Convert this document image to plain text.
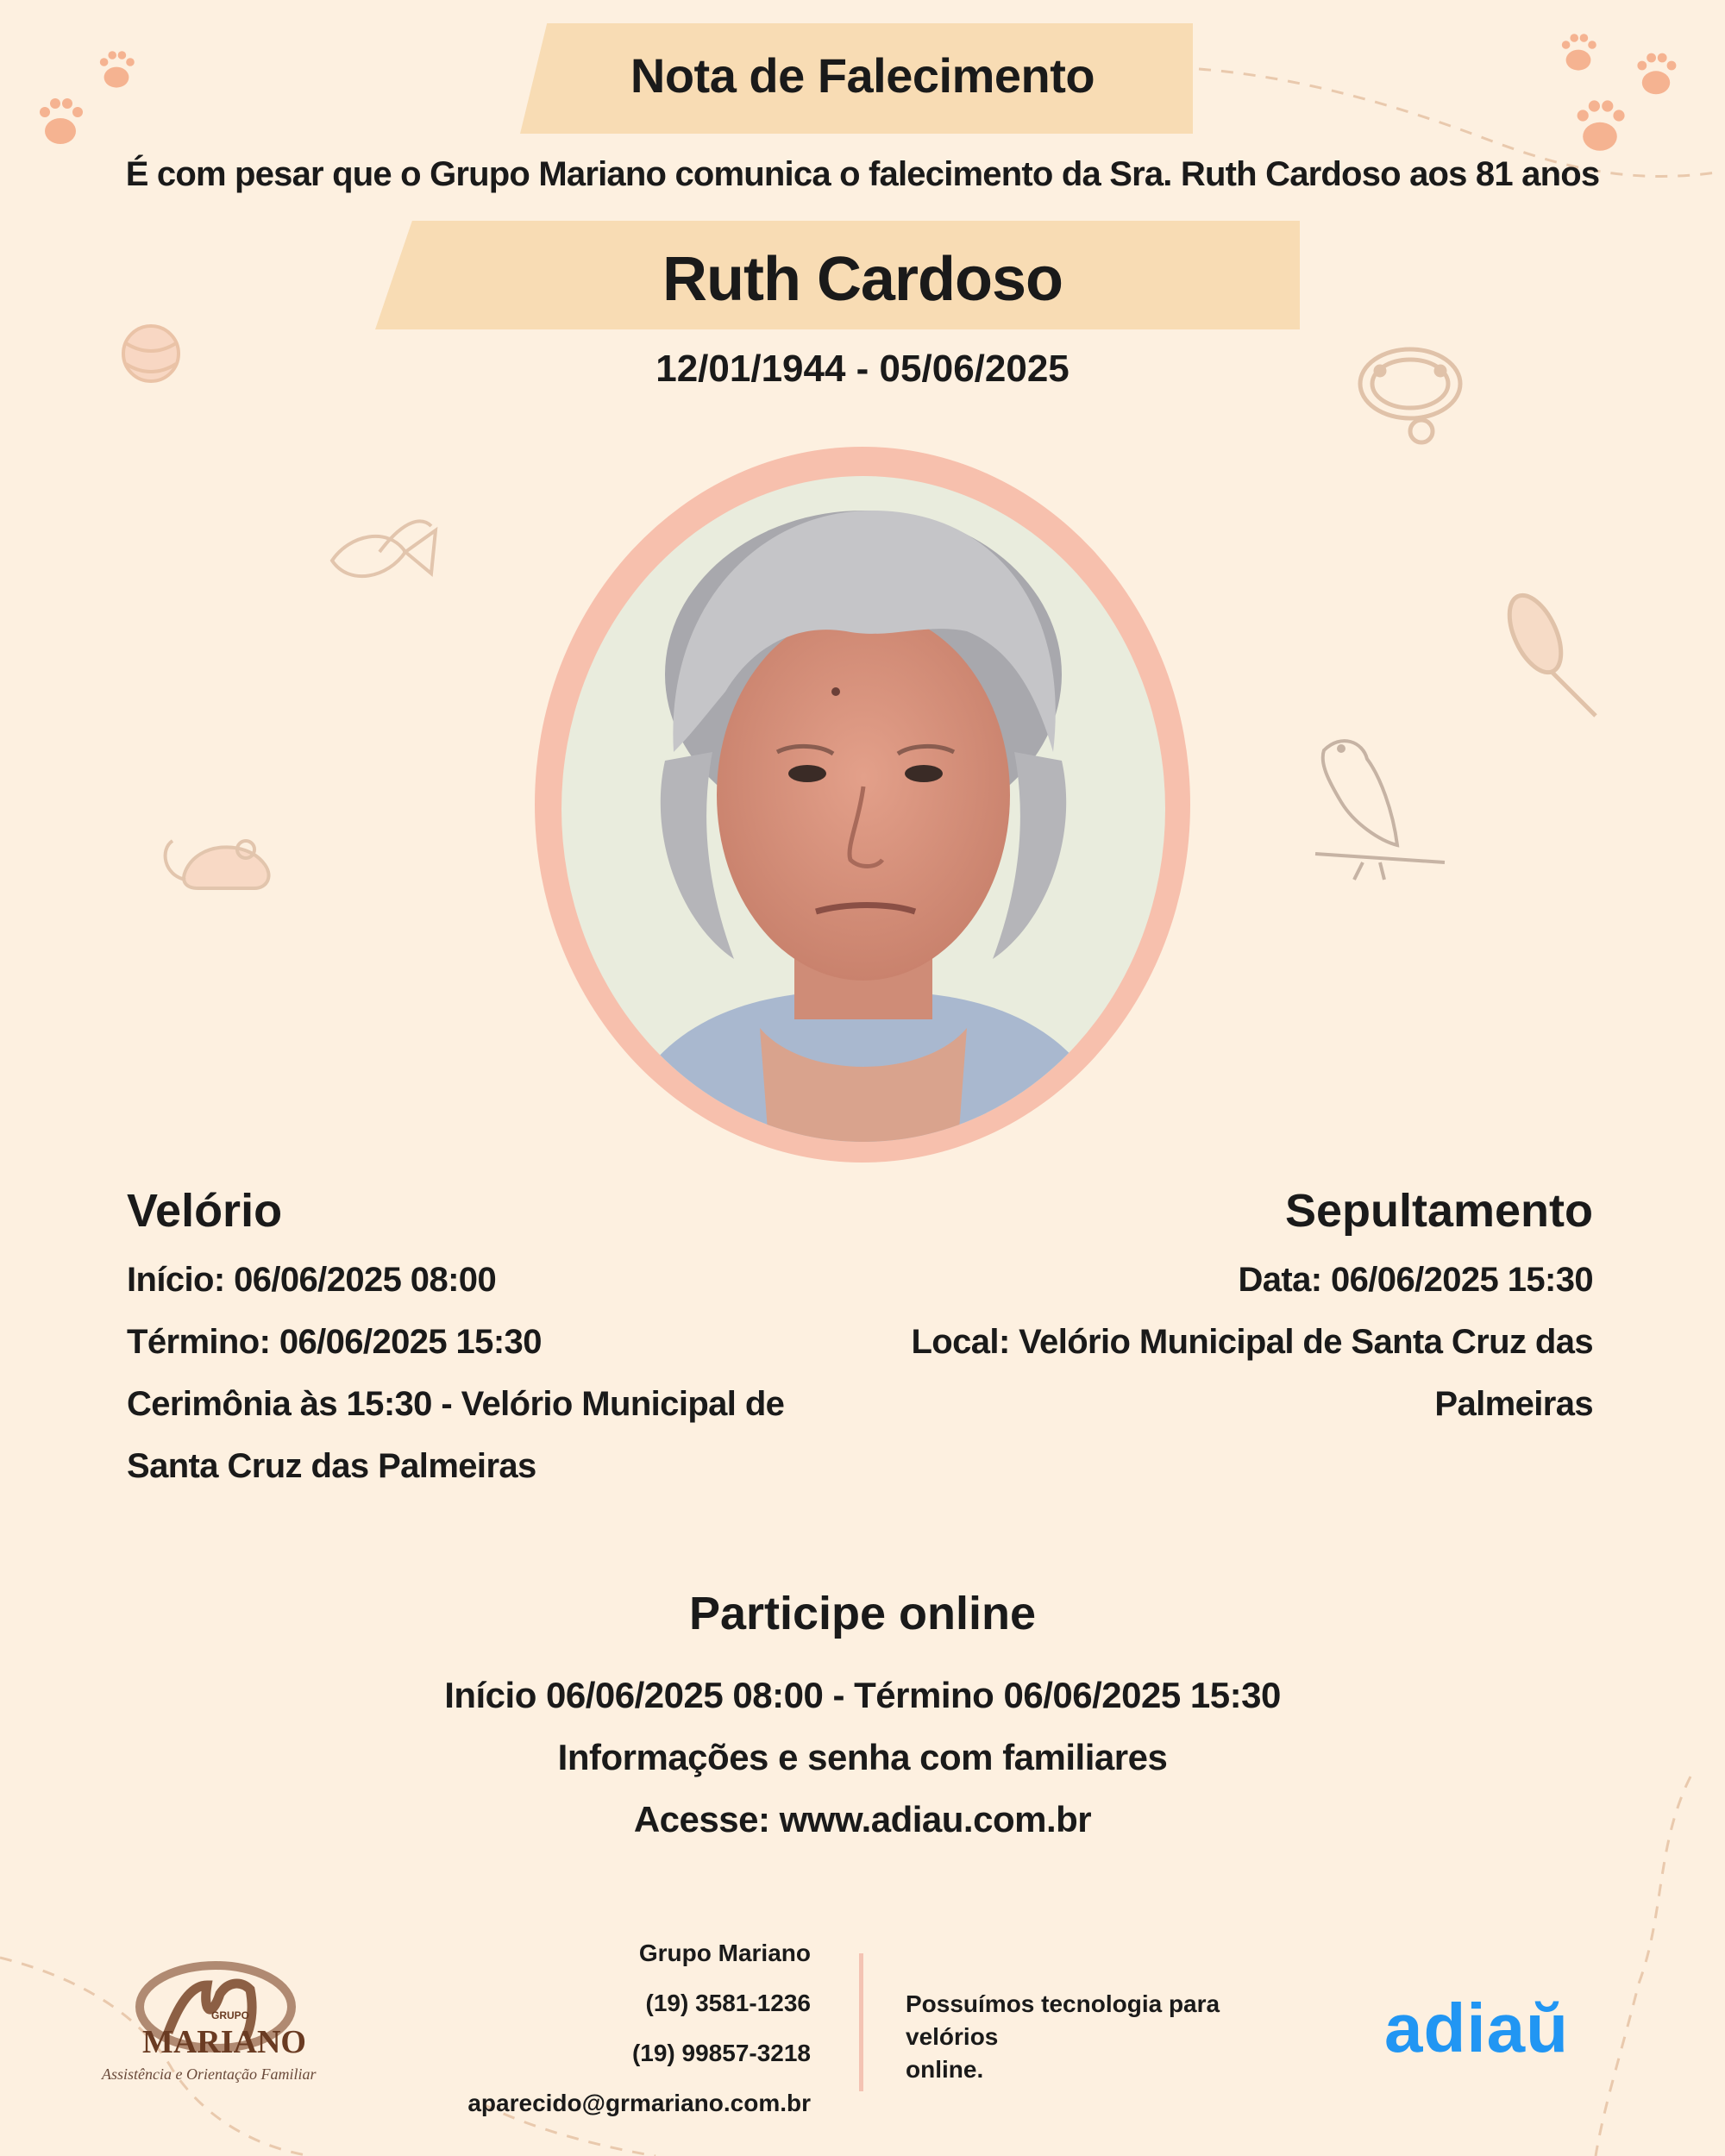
Nota de Falecimento
É com pesar que o Grupo Mariano comunica o falecimento da Sra. Ruth Cardoso aos 81 anos
Ruth Cardoso
12/01/1944 - 05/06/2025
Velório

Início: 06/06/2025 08:00

Término: 06/06/2025 15:30

Cerimônia às 15:30 - Velório Municipal de

Santa Cruz das Palmeiras

Sepultamento

Data: 06/06/2025 15:30

Local: Velório Municipal de Santa Cruz das

Palmeiras

Participe online
Início 06/06/2025 08:00 - Término 06/06/2025 15:30
Informações e senha com familiares
Acesse: www.adiau.com.br
GRUPO
MARIANO
Assistência e Orientação Familiar
Grupo Mariano
(19) 3581-1236
(19) 99857-3218
aparecido@grmariano.com.br
Possuímos tecnologia para velórios
online.
adiaŭ
